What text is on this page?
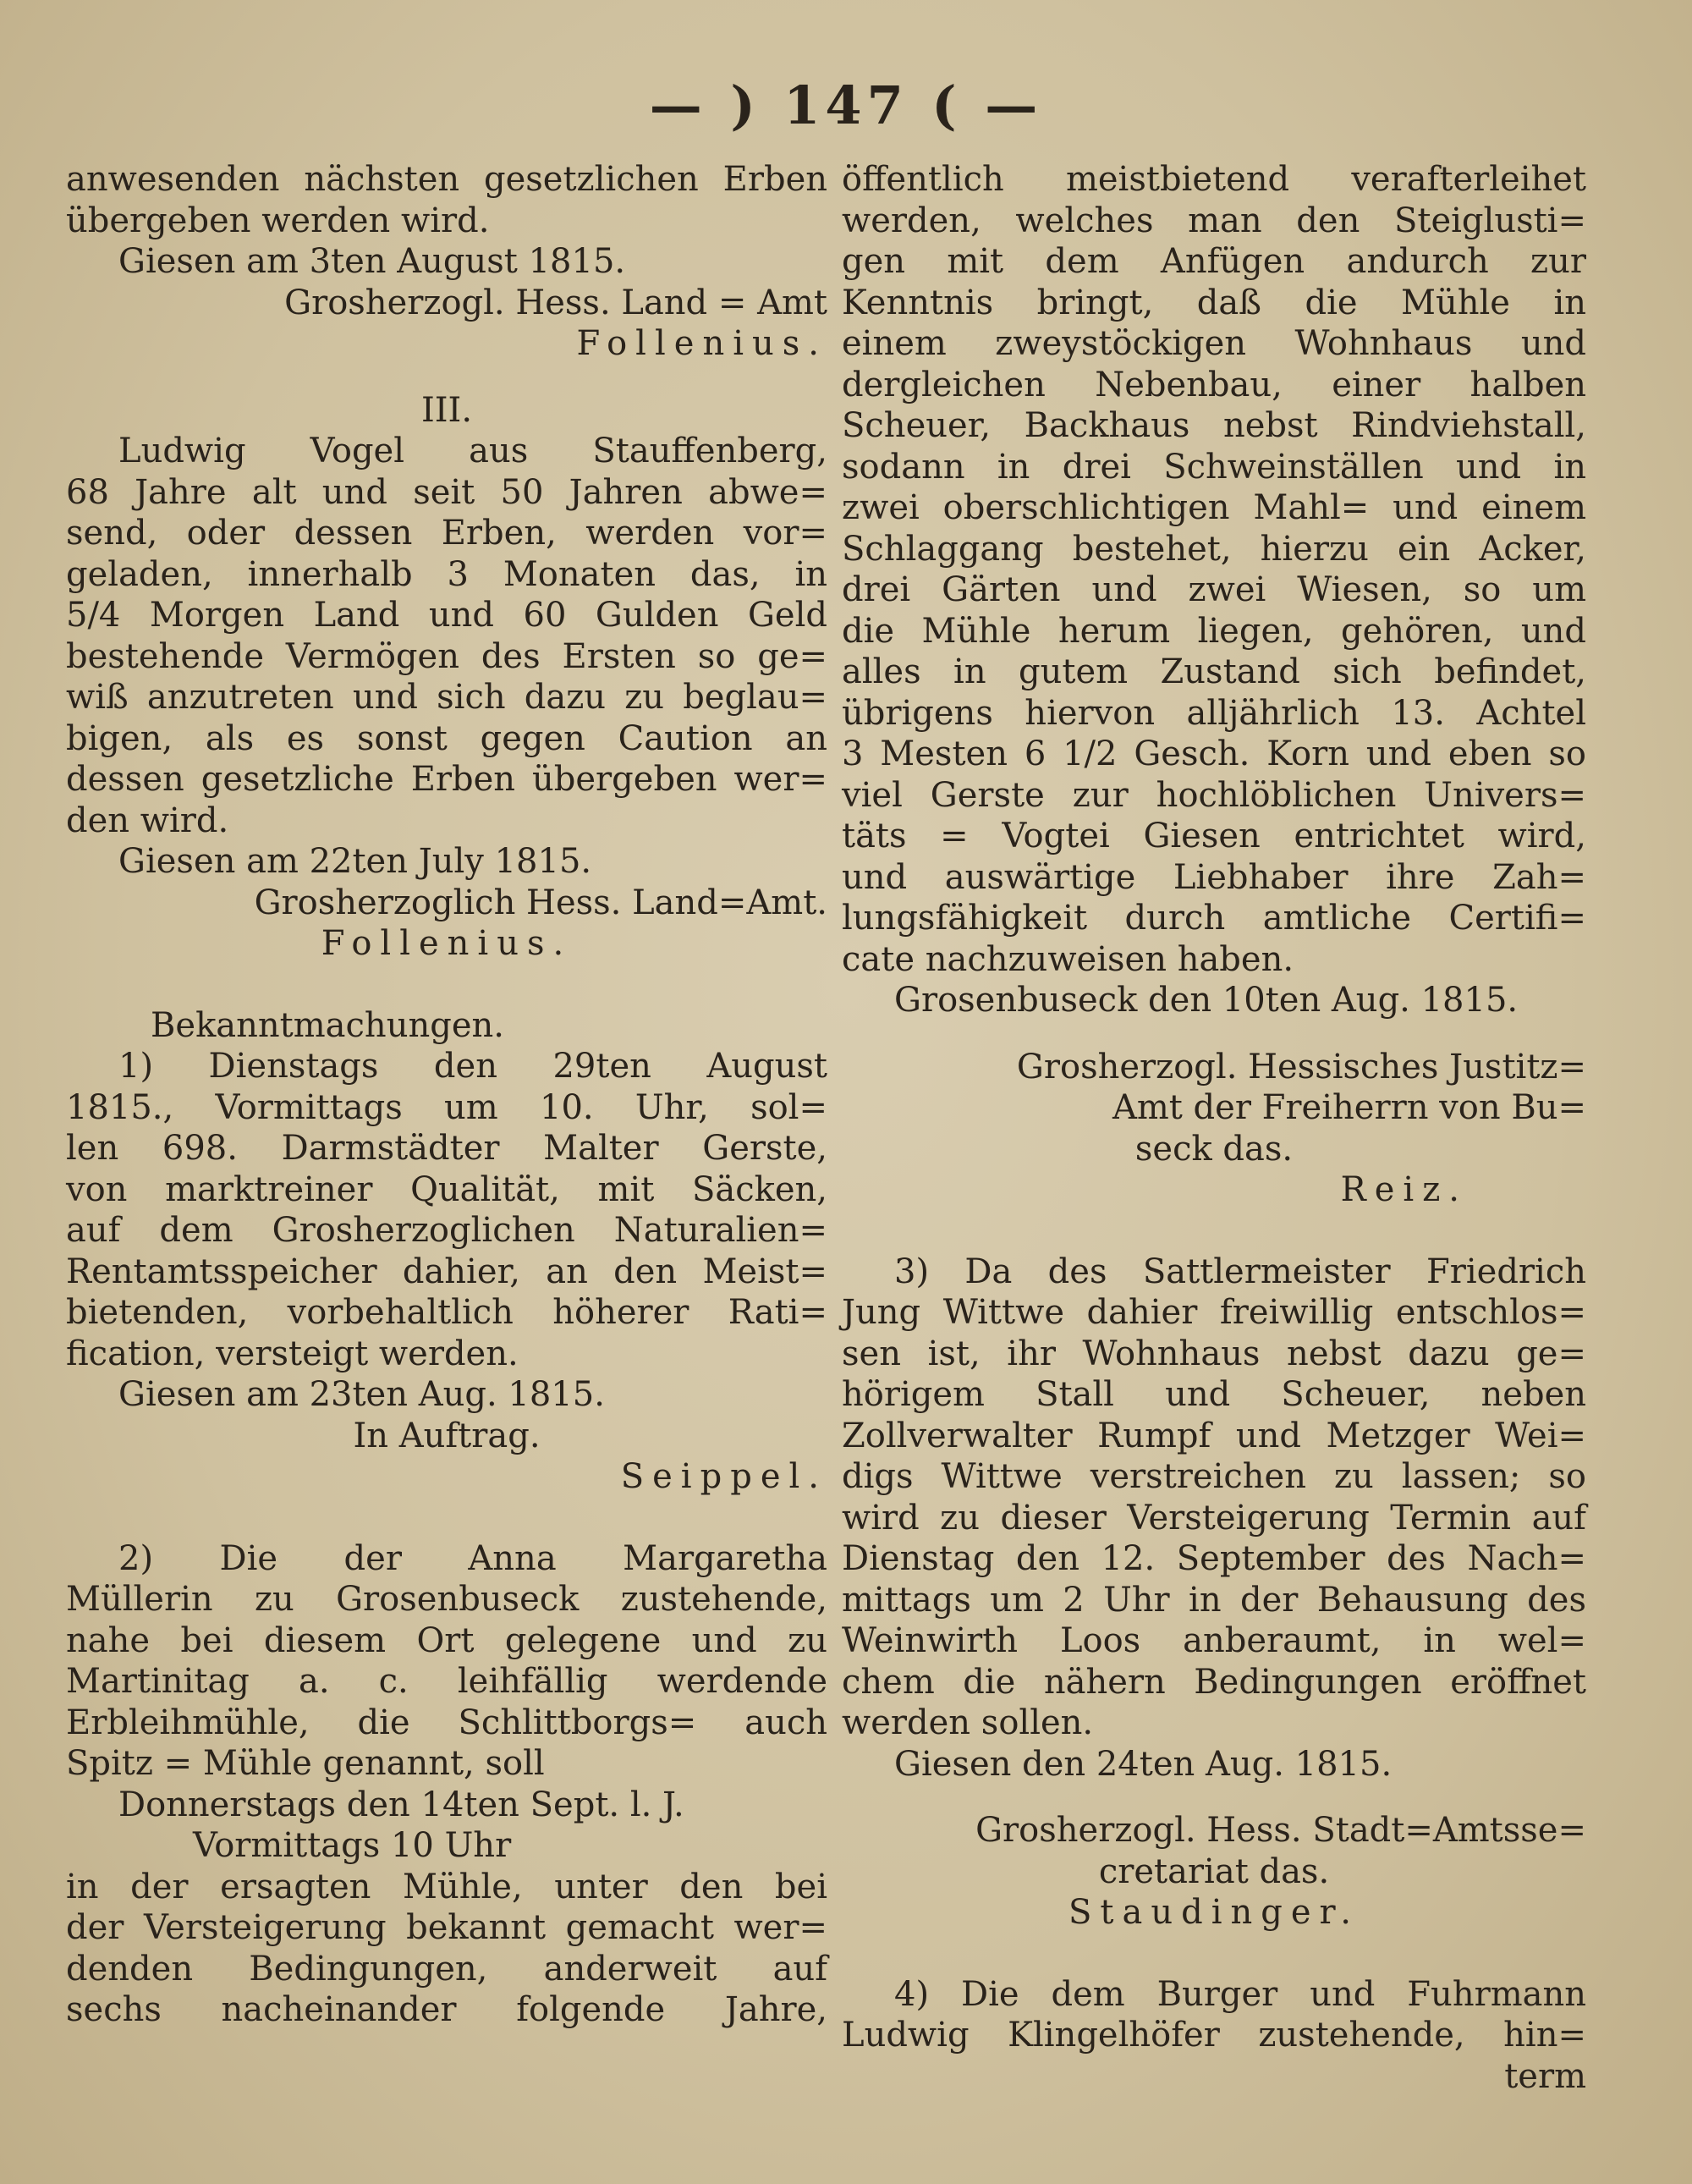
— ) 147 ( —

anwesenden nächsten gesetzlichen Erben

übergeben werden wird.

Giesen am 3ten August 1815.

Grosherzogl. Hess. Land = Amt

Follenius.

III.

Ludwig Vogel aus Stauffenberg,

68 Jahre alt und seit 50 Jahren abwe=

send, oder dessen Erben, werden vor=

geladen, innerhalb 3 Monaten das, in

5/4 Morgen Land und 60 Gulden Geld

bestehende Vermögen des Ersten so ge=

wiß anzutreten und sich dazu zu beglau=

bigen, als es sonst gegen Caution an

dessen gesetzliche Erben übergeben wer=

den wird.

Giesen am 22ten July 1815.

Grosherzoglich Hess. Land=Amt.

Follenius.

Bekanntmachungen.

1) Dienstags den 29ten August

1815., Vormittags um 10. Uhr, sol=

len 698. Darmstädter Malter Gerste,

von marktreiner Qualität, mit Säcken,

auf dem Grosherzoglichen Naturalien=

Rentamtsspeicher dahier, an den Meist=

bietenden, vorbehaltlich höherer Rati=

fication, versteigt werden.

Giesen am 23ten Aug. 1815.

In Auftrag.

Seippel.

2) Die der Anna Margaretha

Müllerin zu Grosenbuseck zustehende,

nahe bei diesem Ort gelegene und zu

Martinitag a. c. leihfällig werdende

Erbleihmühle, die Schlittborgs= auch

Spitz = Mühle genannt, soll

Donnerstags den 14ten Sept. l. J.

Vormittags 10 Uhr

in der ersagten Mühle, unter den bei

der Versteigerung bekannt gemacht wer=

denden Bedingungen, anderweit auf

sechs nacheinander folgende Jahre,

öffentlich meistbietend verafterleihet

werden, welches man den Steiglusti=

gen mit dem Anfügen andurch zur

Kenntnis bringt, daß die Mühle in

einem zweystöckigen Wohnhaus und

dergleichen Nebenbau, einer halben

Scheuer, Backhaus nebst Rindviehstall,

sodann in drei Schweinställen und in

zwei oberschlichtigen Mahl= und einem

Schlaggang bestehet, hierzu ein Acker,

drei Gärten und zwei Wiesen, so um

die Mühle herum liegen, gehören, und

alles in gutem Zustand sich befindet,

übrigens hiervon alljährlich 13. Achtel

3 Mesten 6 1/2 Gesch. Korn und eben so

viel Gerste zur hochlöblichen Univers=

täts = Vogtei Giesen entrichtet wird,

und auswärtige Liebhaber ihre Zah=

lungsfähigkeit durch amtliche Certifi=

cate nachzuweisen haben.

Grosenbuseck den 10ten Aug. 1815.

Grosherzogl. Hessisches Justitz=

Amt der Freiherrn von Bu=

seck das.

Reiz.

3) Da des Sattlermeister Friedrich

Jung Wittwe dahier freiwillig entschlos=

sen ist, ihr Wohnhaus nebst dazu ge=

hörigem Stall und Scheuer, neben

Zollverwalter Rumpf und Metzger Wei=

digs Wittwe verstreichen zu lassen; so

wird zu dieser Versteigerung Termin auf

Dienstag den 12. September des Nach=

mittags um 2 Uhr in der Behausung des

Weinwirth Loos anberaumt, in wel=

chem die nähern Bedingungen eröffnet

werden sollen.

Giesen den 24ten Aug. 1815.

Grosherzogl. Hess. Stadt=Amtsse=

cretariat das.

Staudinger.

4) Die dem Burger und Fuhrmann

Ludwig Klingelhöfer zustehende, hin=

term
